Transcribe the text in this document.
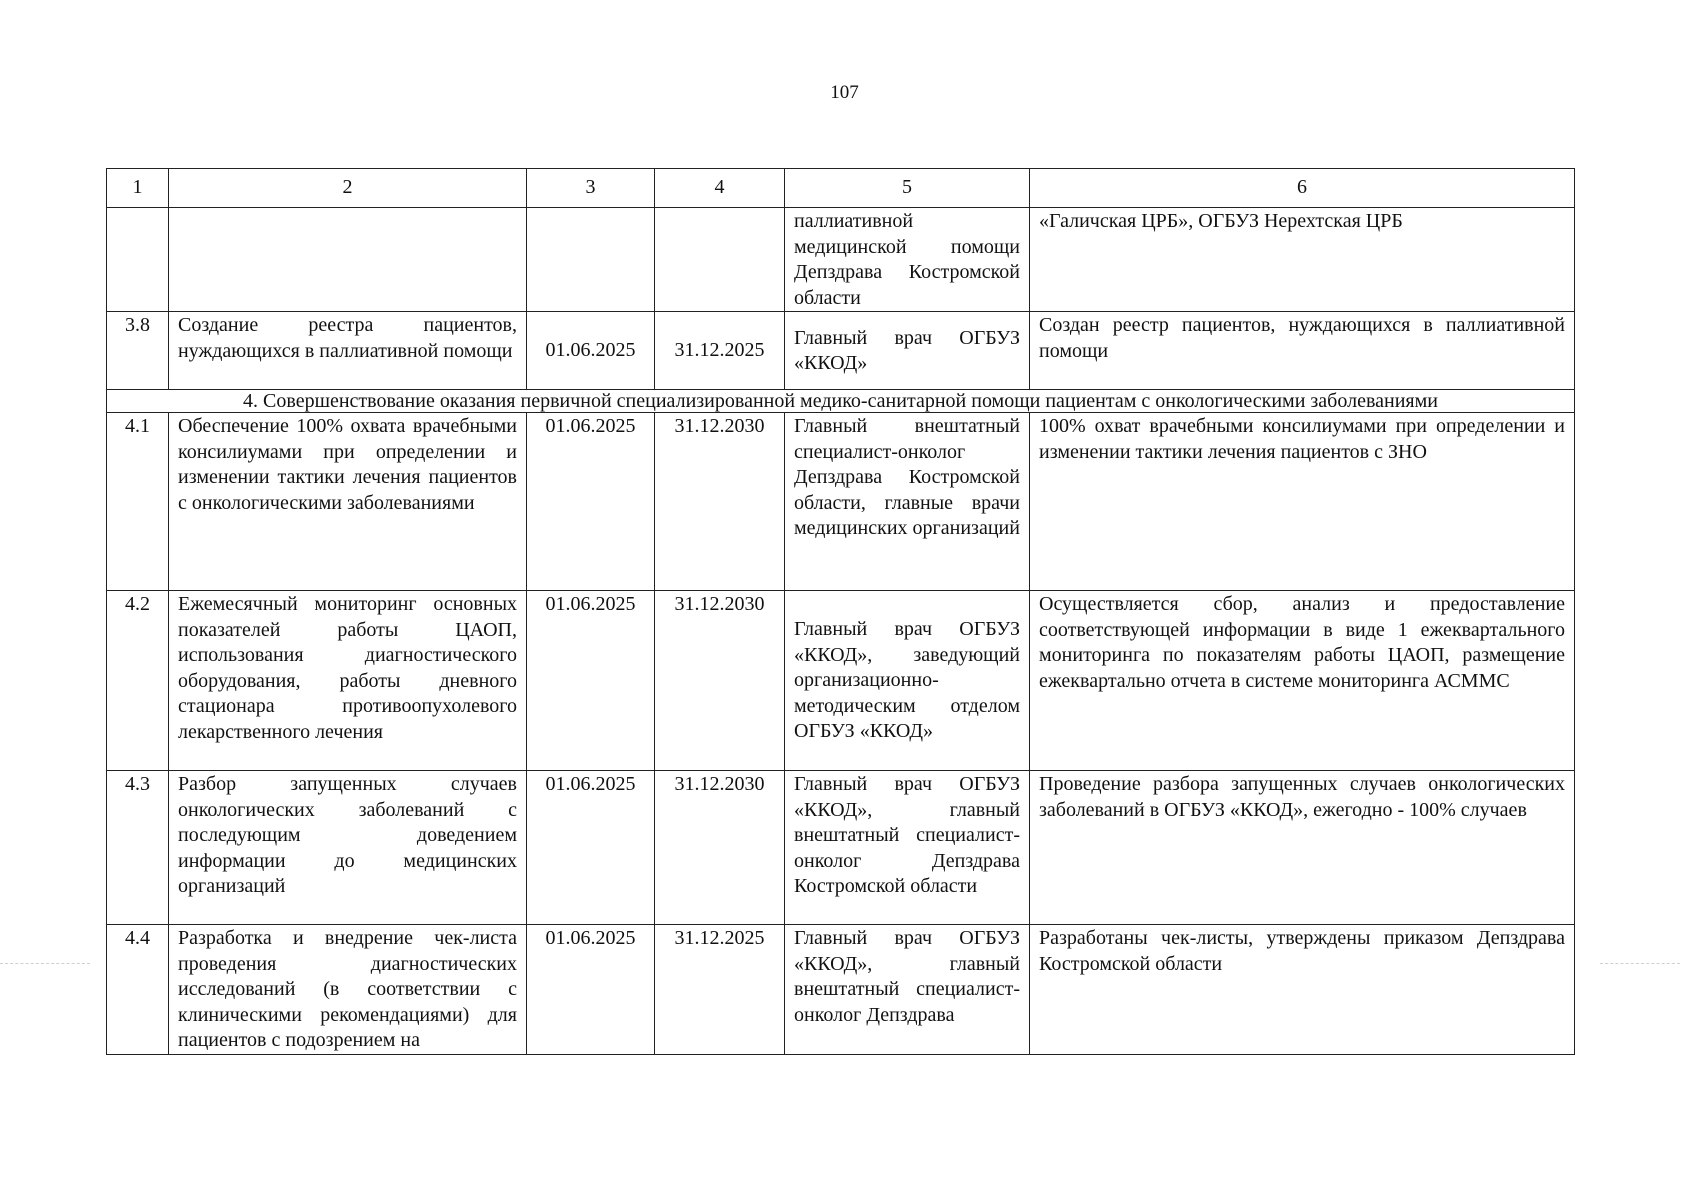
107
1	2	3	4	5	6
				паллиативной медицинской помощи Депздрава Костромской области	«Галичская ЦРБ», ОГБУЗ Нерехтская ЦРБ
3.8	Создание реестра пациентов, нуждающихся в паллиативной помощи	01.06.2025	31.12.2025	Главный врач ОГБУЗ «ККОД»	Создан реестр пациентов, нуждающихся в паллиативной помощи
4. Совершенствование оказания первичной специализированной медико-санитарной помощи пациентам с онкологическими заболеваниями					
4.1	Обеспечение 100% охвата врачебными консилиумами при определении и изменении тактики лечения пациентов с онкологическими заболеваниями	01.06.2025	31.12.2030	Главный внештатный специалист-онколог Депздрава Костромской области, главные врачи медицинских организаций	100% охват врачебными консилиумами при определении и изменении тактики лечения пациентов с ЗНО
4.2	Ежемесячный мониторинг основных показателей работы ЦАОП, использования диагностического оборудования, работы дневного стационара противоопухолевого лекарственного лечения	01.06.2025	31.12.2030	Главный врач ОГБУЗ «ККОД», заведующий организационно-методическим отделом ОГБУЗ «ККОД»	Осуществляется сбор, анализ и предоставление соответствующей информации в виде 1 ежеквартального мониторинга по показателям работы ЦАОП, размещение ежеквартально отчета в системе мониторинга АСММС
4.3	Разбор запущенных случаев онкологических заболеваний с последующим доведением информации до медицинских организаций	01.06.2025	31.12.2030	Главный врач ОГБУЗ «ККОД», главный внештатный специалист-онколог Депздрава Костромской области	Проведение разбора запущенных случаев онкологических заболеваний в ОГБУЗ «ККОД», ежегодно - 100% случаев
4.4	Разработка и внедрение чек-листа проведения диагностических исследований (в соответствии с клиническими рекомендациями) для пациентов с подозрением на	01.06.2025	31.12.2025	Главный врач ОГБУЗ «ККОД», главный внештатный специалист-онколог Депздрава	Разработаны чек-листы, утверждены приказом Депздрава Костромской области
